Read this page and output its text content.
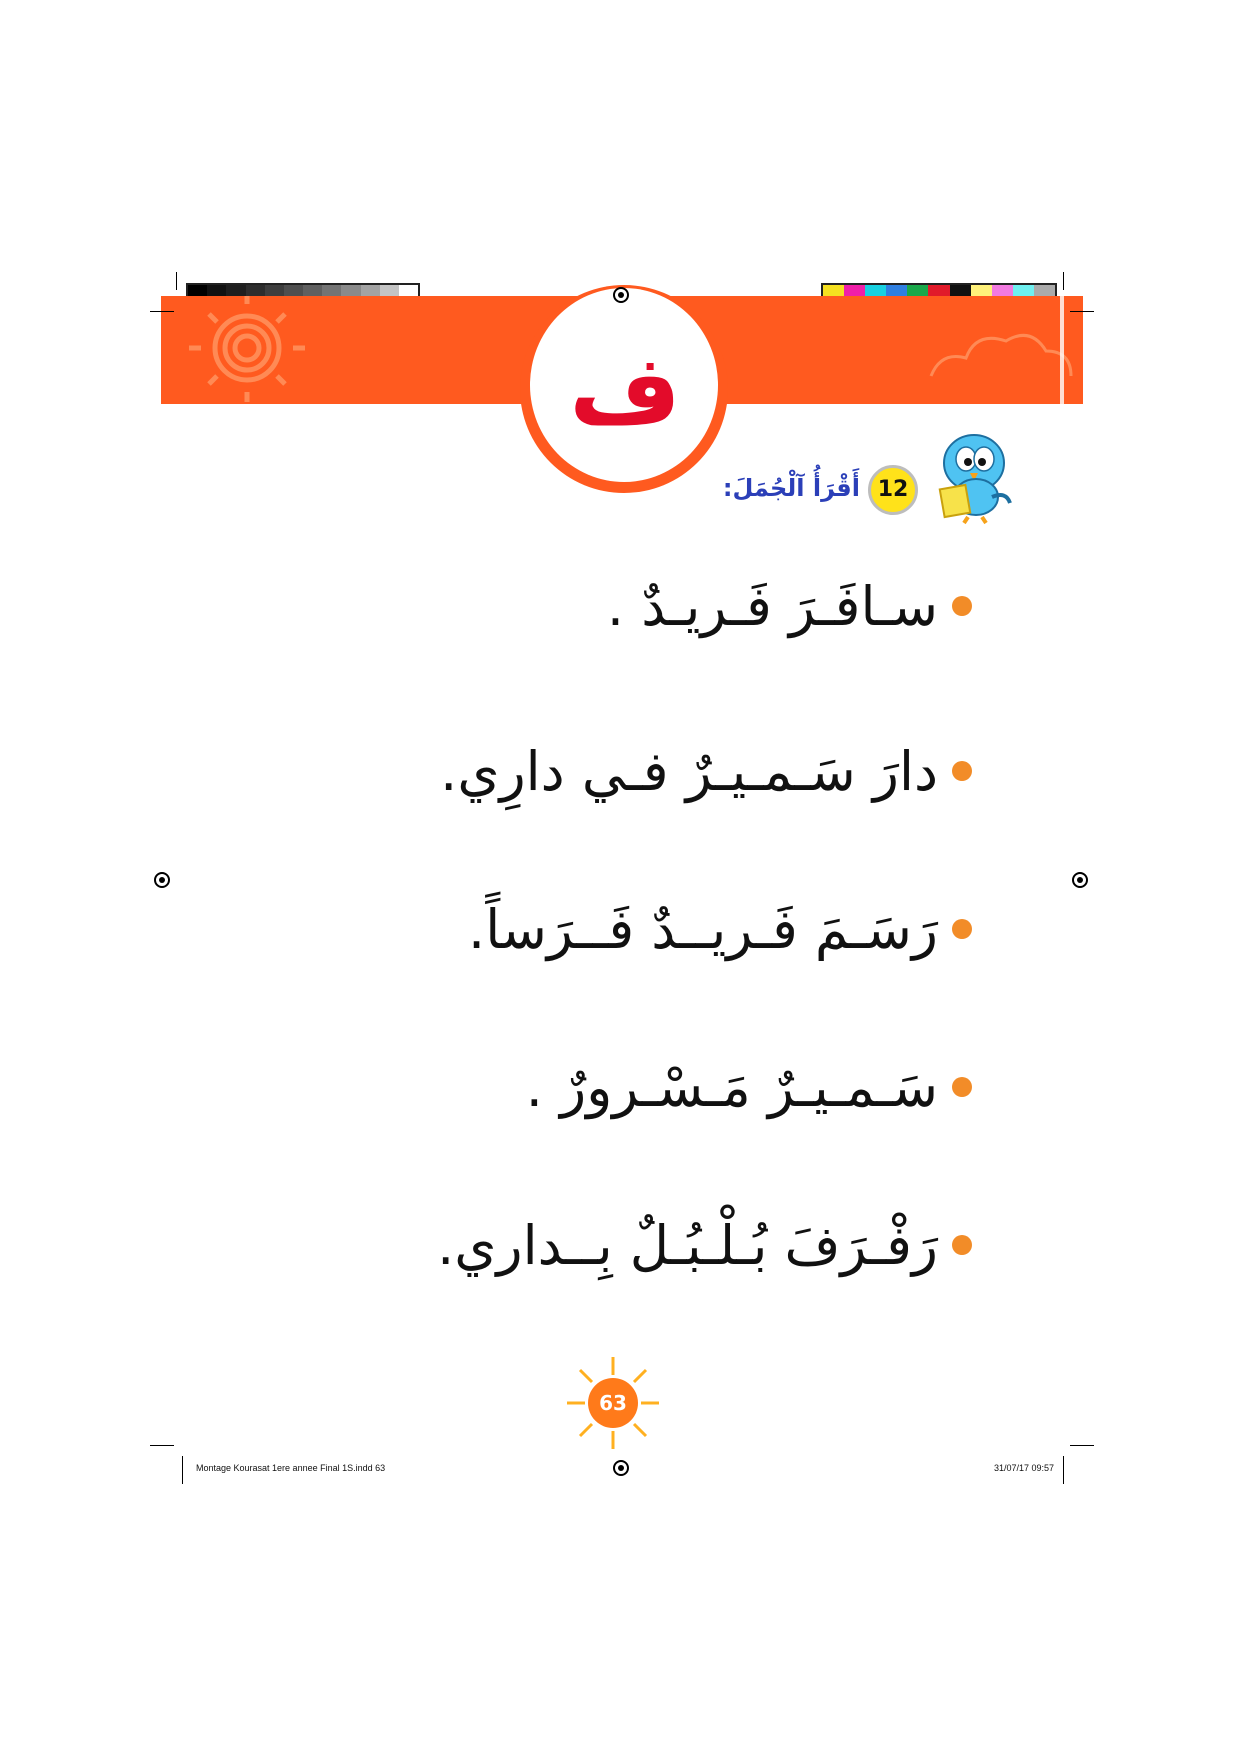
ف
12
أَقْرَأُ آلْجُمَلَ:
سـافَـرَ فَـريـدٌ .
دارَ سَـمـيـرٌ فـي دارِي.
رَسَـمَ فَـريــدٌ فَــرَساً.
سَـمـيـرٌ مَـسْـرورٌ .
رَفْـرَفَ بُـلْـبُـلٌ بِــداري.
63
Montage Kourasat 1ere annee Final 1S.indd 63	31/07/17 09:57
